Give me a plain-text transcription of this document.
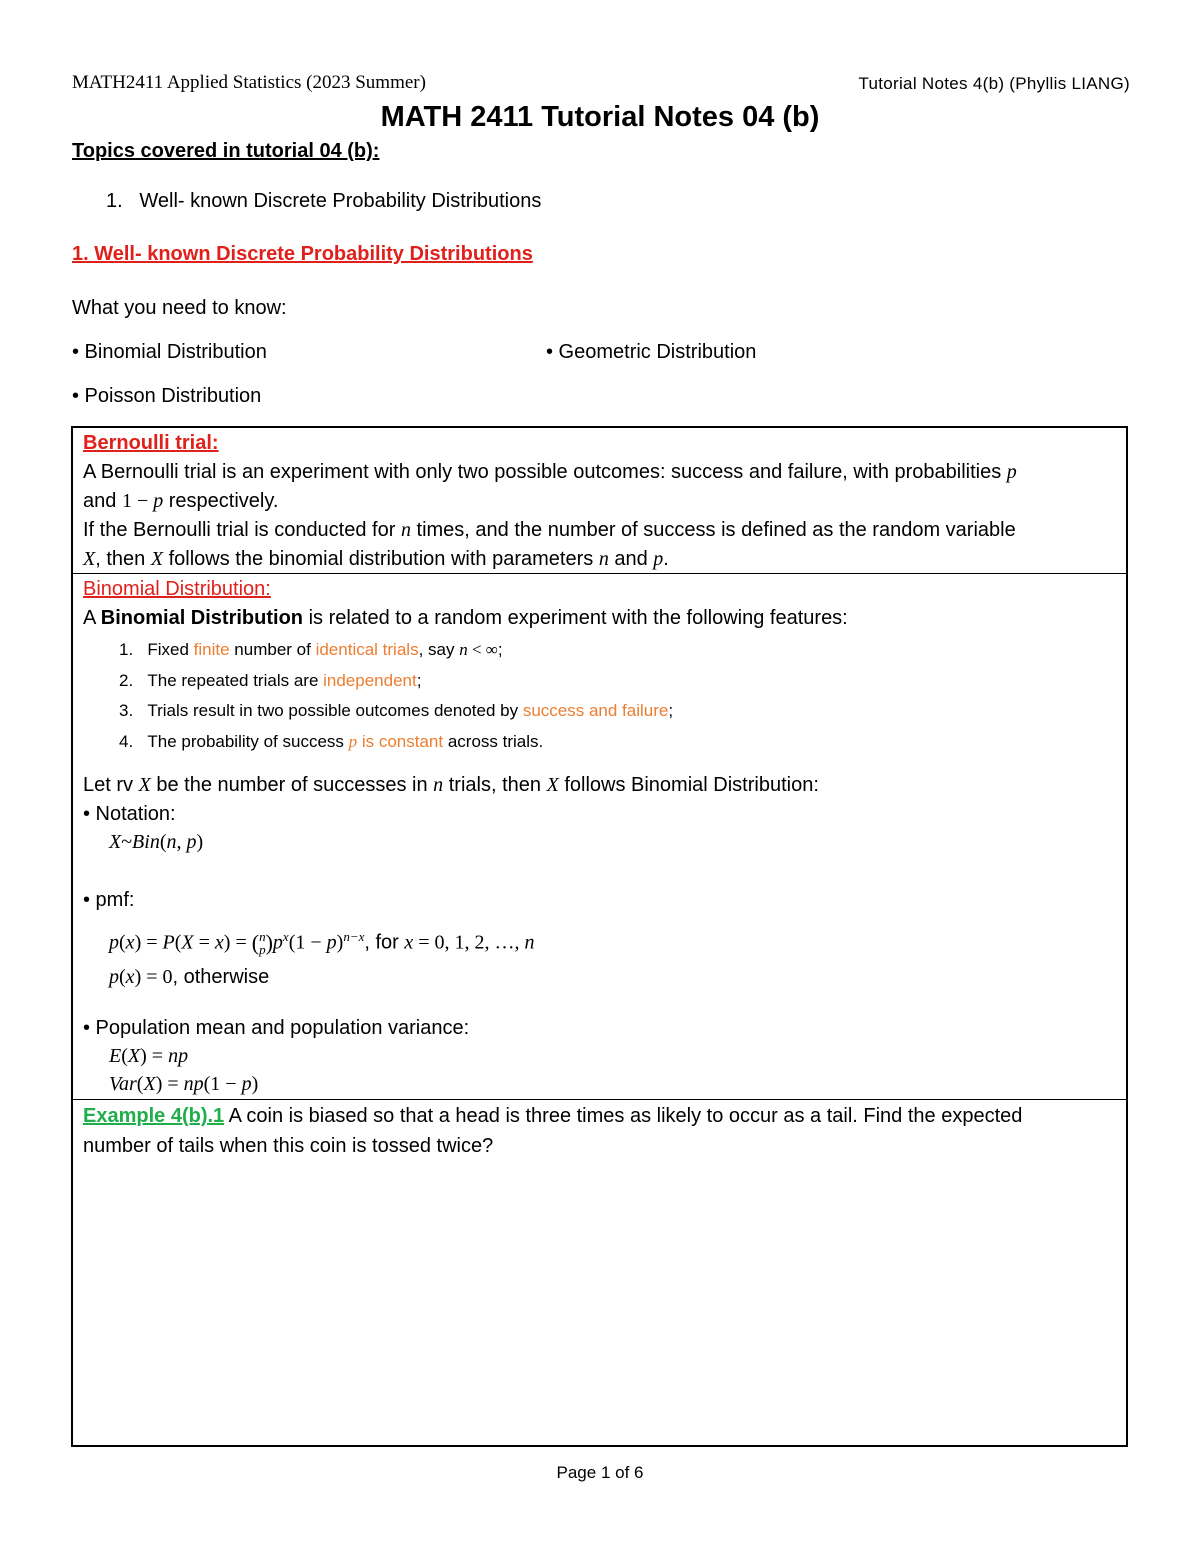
MATH2411 Applied Statistics (2023 Summer)	Tutorial Notes 4(b) (Phyllis LIANG)
MATH 2411 Tutorial Notes 04 (b)
Topics covered in tutorial 04 (b):
1. Well- known Discrete Probability Distributions
1. Well- known Discrete Probability Distributions
What you need to know:
• Binomial Distribution	• Geometric Distribution
• Poisson Distribution
Bernoulli trial:
A Bernoulli trial is an experiment with only two possible outcomes: success and failure, with probabilities p
and 1 − p respectively.
If the Bernoulli trial is conducted for n times, and the number of success is defined as the random variable
X, then X follows the binomial distribution with parameters n and p.
Binomial Distribution:
A Binomial Distribution is related to a random experiment with the following features:
1. Fixed finite number of identical trials, say n < ∞;
2. The repeated trials are independent;
3. Trials result in two possible outcomes denoted by success and failure;
4. The probability of success p is constant across trials.
Let rv X be the number of successes in n trials, then X follows Binomial Distribution:
• Notation:
X~Bin(n, p)
• pmf:
p(x) = P(X = x) = (n
$p)p^x(1 - p)^{n-x}$, for x = 0, 1, 2, …, n
p(x) = 0, otherwise
• Population mean and population variance:
E(X) = np
Var(X) = np(1 − p)
Example 4(b).1 A coin is biased so that a head is three times as likely to occur as a tail. Find the expected
number of tails when this coin is tossed twice?
Page 1 of 6
